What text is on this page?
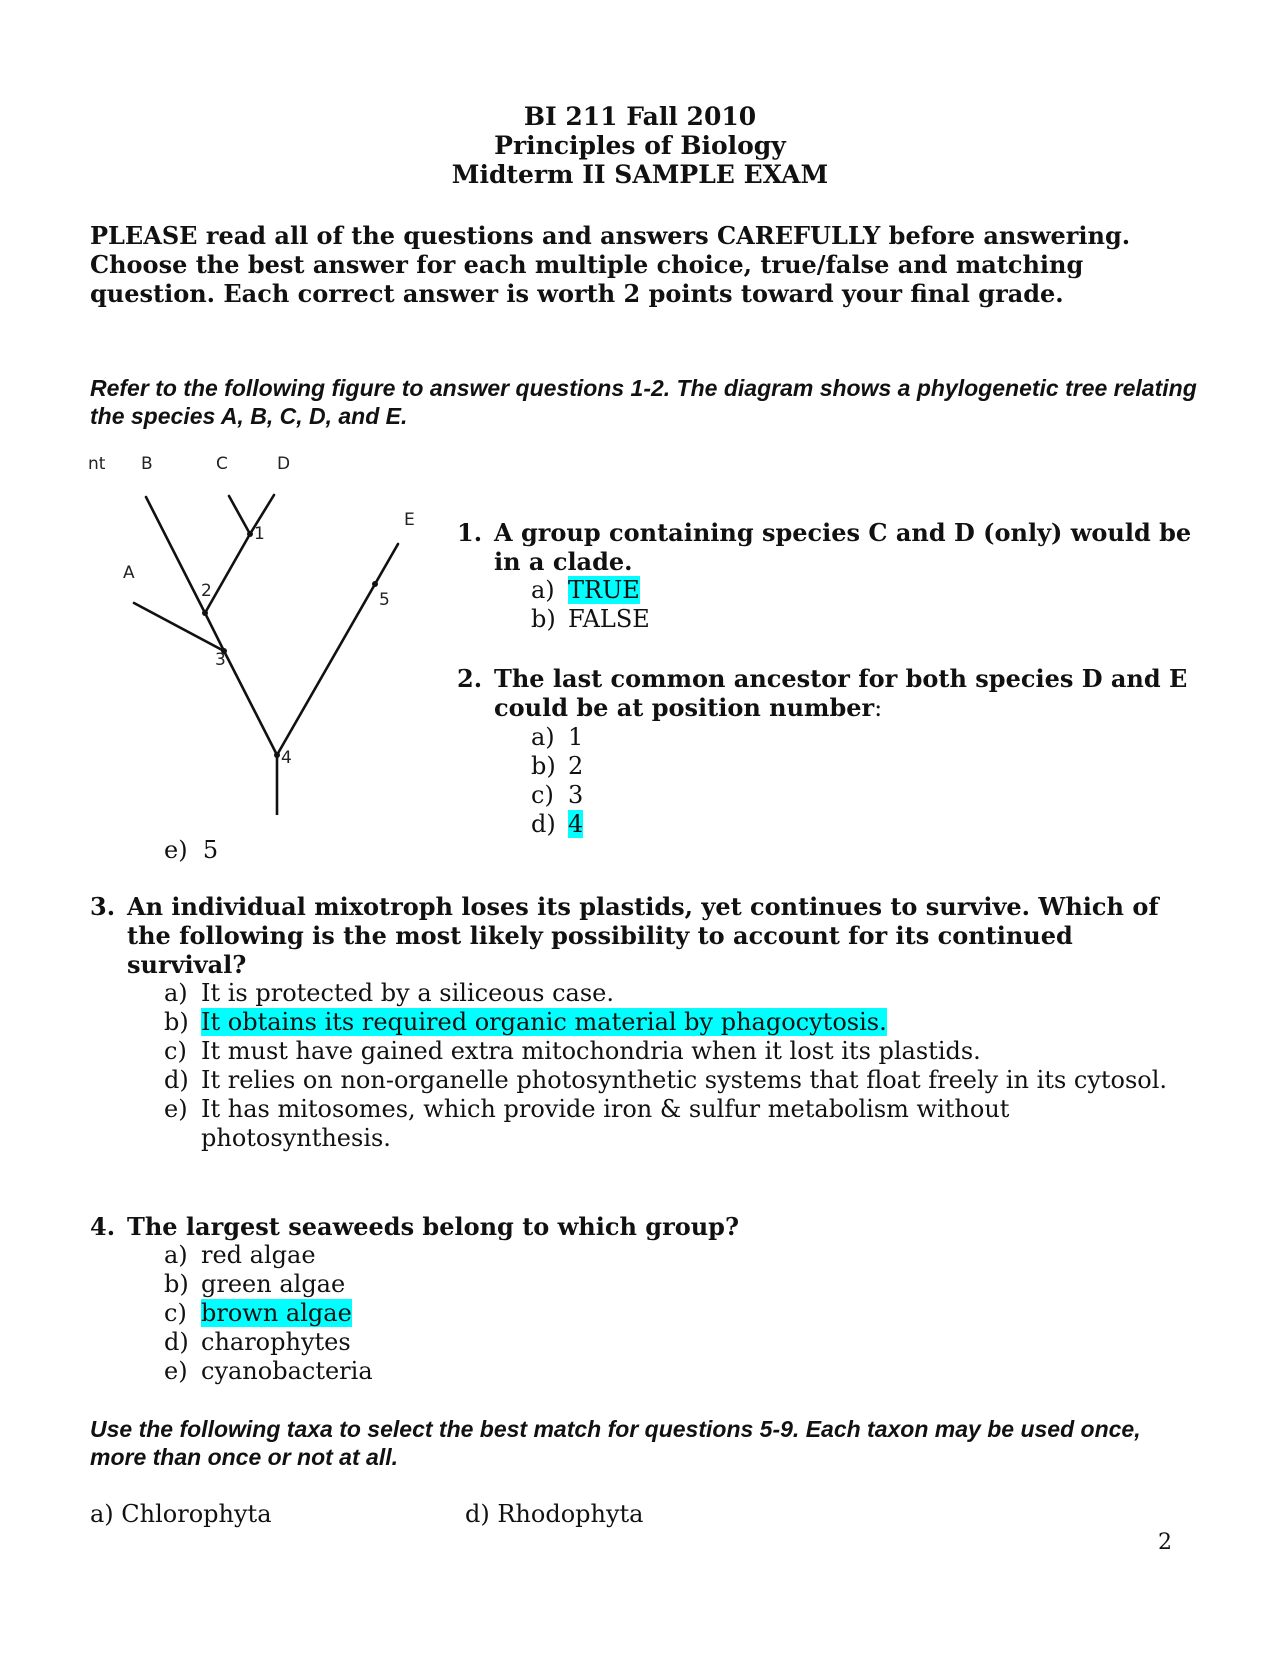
BI 211 Fall 2010
Principles of Biology
Midterm II SAMPLE EXAM
PLEASE read all of the questions and answers CAREFULLY before answering. Choose the best answer for each multiple choice, true/false and matching question. Each correct answer is worth 2 points toward your final grade.
Refer to the following figure to answer questions 1-2. The diagram shows a phylogenetic tree relating the species A, B, C, D, and E.
nt B	C	D
E
A
1
2
3
4
5
1. A group containing species C and D (only) would be in a clade.
a) TRUE
b) FALSE
2. The last common ancestor for both species D and E could be at position number:
a) 1
b) 2
c) 3
d) 4
e) 5
3. An individual mixotroph loses its plastids, yet continues to survive. Which of the following is the most likely possibility to account for its continued survival?
a) It is protected by a siliceous case.
b) It obtains its required organic material by phagocytosis.
c) It must have gained extra mitochondria when it lost its plastids.
d) It relies on non-organelle photosynthetic systems that float freely in its cytosol.
e) It has mitosomes, which provide iron & sulfur metabolism without photosynthesis.
4. The largest seaweeds belong to which group?
a) red algae
b) green algae
c) brown algae
d) charophytes
e) cyanobacteria
Use the following taxa to select the best match for questions 5-9. Each taxon may be used once, more than once or not at all.
a) Chlorophyta	d) Rhodophyta
2
